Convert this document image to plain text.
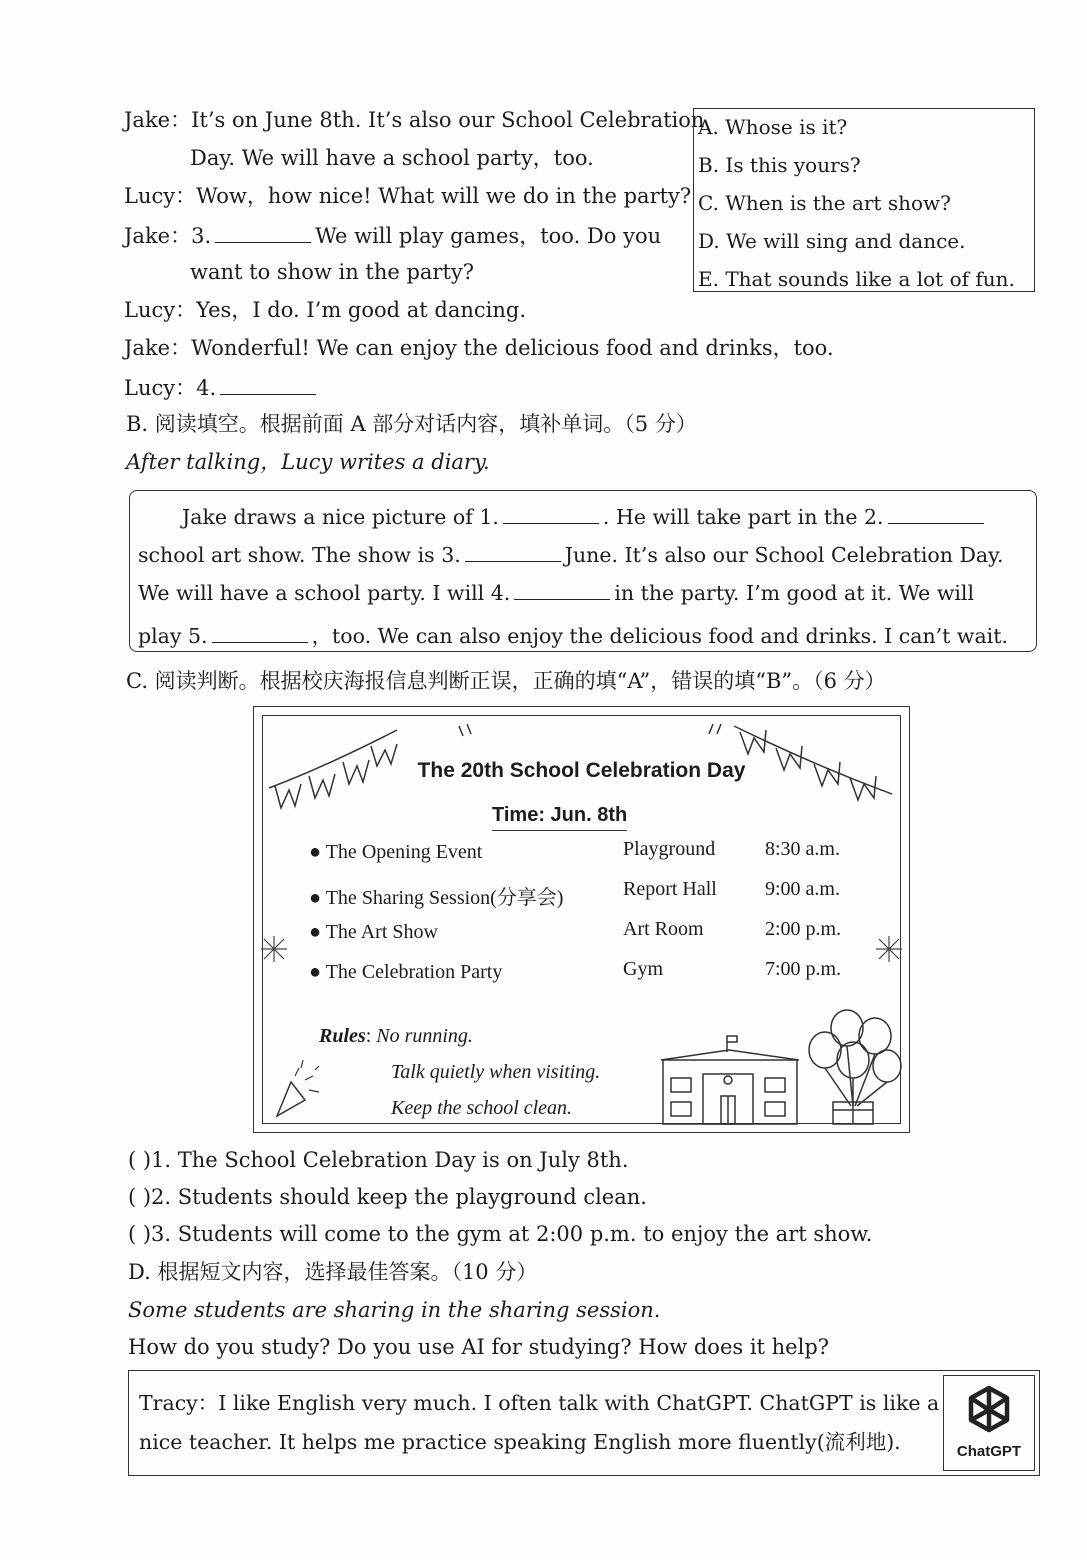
Jake：It’s on June 8th. It’s also our School Celebration
Day. We will have a school party，too.
Lucy：Wow，how nice! What will we do in the party?
Jake：3.	We will play games，too. Do you
want to show in the party?
Lucy：Yes，I do. I’m good at dancing.
Jake：Wonderful! We can enjoy the delicious food and drinks，too.
Lucy：4.
A. Whose is it?
B. Is this yours?
C. When is the art show?
D. We will sing and dance.
E. That sounds like a lot of fun.
B. 阅读填空。根据前面 A 部分对话内容，填补单词。（5 分）
After talking，Lucy writes a diary.
Jake draws a nice picture of 1.	. He will take part in the 2.
school art show. The show is 3.	June. It’s also our School Celebration Day.
We will have a school party. I will 4.	in the party. I’m good at it. We will
play 5.	，too. We can also enjoy the delicious food and drinks. I can’t wait.
C. 阅读判断。根据校庆海报信息判断正误，正确的填“A”，错误的填“B”。（6 分）
The 20th School Celebration Day
Time: Jun. 8th
● The Opening Event	Playground 8:30 a.m.
● The Sharing Session(分享会)	Report Hall 9:00 a.m.
● The Art Show	Art Room	2:00 p.m.
● The Celebration Party	Gym	7:00 p.m.
Rules: No running.
Talk quietly when visiting.
Keep the school clean.
( )1. The School Celebration Day is on July 8th.
( )2. Students should keep the playground clean.
( )3. Students will come to the gym at 2:00 p.m. to enjoy the art show.
D. 根据短文内容，选择最佳答案。（10 分）
Some students are sharing in the sharing session.
How do you study? Do you use AI for studying? How does it help?
Tracy：I like English very much. I often talk with ChatGPT. ChatGPT is like a
nice teacher. It helps me practice speaking English more fluently(流利地).	ChatGPT
